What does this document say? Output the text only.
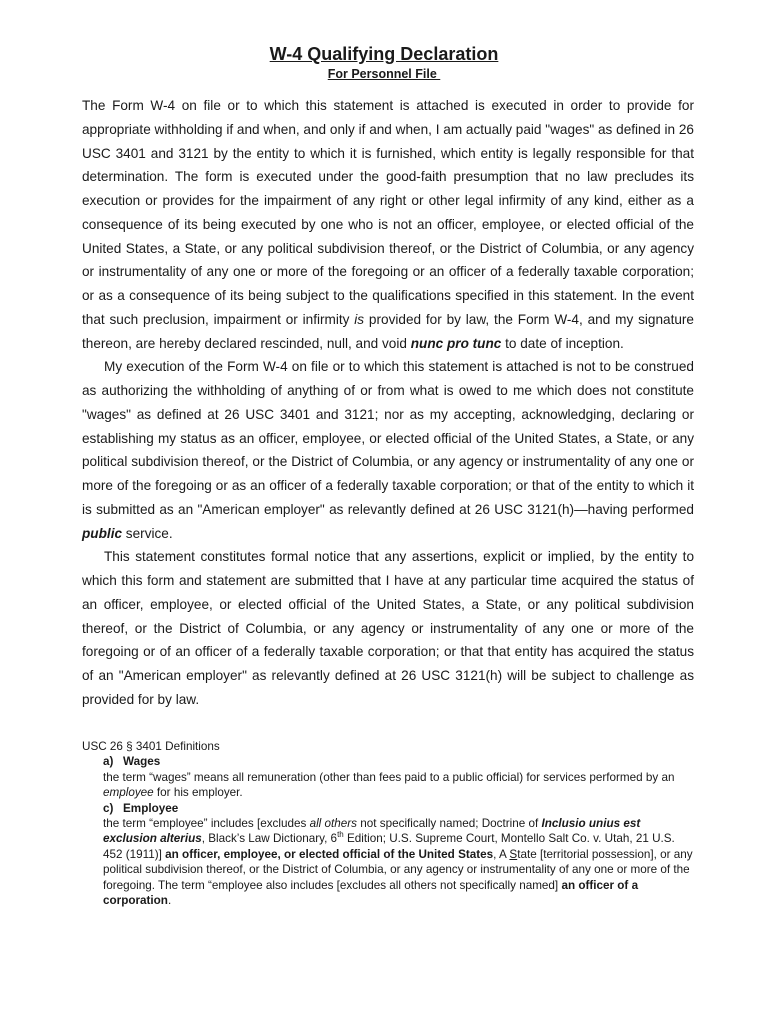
W-4 Qualifying Declaration
For Personnel File

The Form W-4 on file or to which this statement is attached is executed in order to provide for appropriate withholding if and when, and only if and when, I am actually paid "wages" as defined in 26 USC 3401 and 3121 by the entity to which it is furnished, which entity is legally responsible for that determination. The form is executed under the good-faith presumption that no law precludes its execution or provides for the impairment of any right or other legal infirmity of any kind, either as a consequence of its being executed by one who is not an officer, employee, or elected official of the United States, a State, or any political subdivision thereof, or the District of Columbia, or any agency or instrumentality of any one or more of the foregoing or an officer of a federally taxable corporation; or as a consequence of its being subject to the qualifications specified in this statement. In the event that such preclusion, impairment or infirmity is provided for by law, the Form W-4, and my signature thereon, are hereby declared rescinded, null, and void nunc pro tunc to date of inception.

My execution of the Form W-4 on file or to which this statement is attached is not to be construed as authorizing the withholding of anything of or from what is owed to me which does not constitute "wages" as defined at 26 USC 3401 and 3121; nor as my accepting, acknowledging, declaring or establishing my status as an officer, employee, or elected official of the United States, a State, or any political subdivision thereof, or the District of Columbia, or any agency or instrumentality of any one or more of the foregoing or as an officer of a federally taxable corporation; or that of the entity to which it is submitted as an "American employer" as relevantly defined at 26 USC 3121(h)—having performed public service.

This statement constitutes formal notice that any assertions, explicit or implied, by the entity to which this form and statement are submitted that I have at any particular time acquired the status of an officer, employee, or elected official of the United States, a State, or any political subdivision thereof, or the District of Columbia, or any agency or instrumentality of any one or more of the foregoing or of an officer of a federally taxable corporation; or that that entity has acquired the status of an "American employer" as relevantly defined at 26 USC 3121(h) will be subject to challenge as provided for by law.

USC 26 § 3401 Definitions

a) Wages

the term “wages” means all remuneration (other than fees paid to a public official) for services performed by an employee for his employer.

c) Employee

the term “employee” includes [excludes all others not specifically named; Doctrine of Inclusio unius est exclusion alterius, Black’s Law Dictionary, 6th Edition; U.S. Supreme Court, Montello Salt Co. v. Utah, 21 U.S. 452 (1911)] an officer, employee, or elected official of the United States, A State [territorial possession], or any political subdivision thereof, or the District of Columbia, or any agency or instrumentality of any one or more of the foregoing. The term “employee also includes [excludes all others not specifically named] an officer of a corporation.
